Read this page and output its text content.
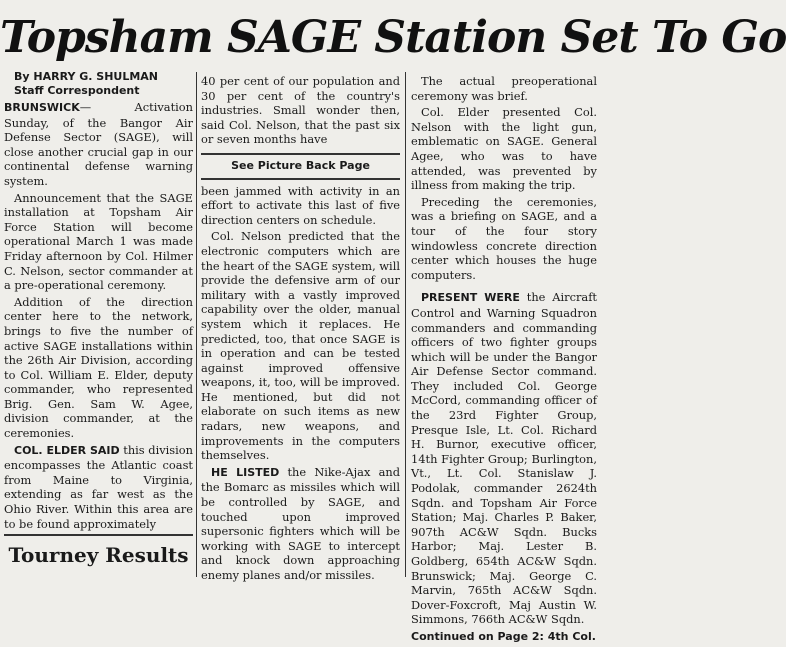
Topsham SAGE Station Set To Go
By HARRY G. SHULMAN
Staff Correspondent

BRUNSWICK— Activation Sunday, of the Bangor Air Defense Sector (SAGE), will close another crucial gap in our continental defense warning system.

Announcement that the SAGE installation at Topsham Air Force Station will become operational March 1 was made Friday afternoon by Col. Hilmer C. Nelson, sector commander at a pre-operational ceremony.

Addition of the direction center here to the network, brings to five the number of active SAGE installations within the 26th Air Division, according to Col. William E. Elder, deputy commander, who represented Brig. Gen. Sam W. Agee, division commander, at the ceremonies.

COL. ELDER SAID this division encompasses the Atlantic coast from Maine to Virginia, extending as far west as the Ohio River. Within this area are to be found approximately

Tourney Results

40 per cent of our population and 30 per cent of the country's industries. Small wonder then, said Col. Nelson, that the past six or seven months have

See Picture Back Page

been jammed with activity in an effort to activate this last of five direction centers on schedule.

Col. Nelson predicted that the electronic computers which are the heart of the SAGE system, will provide the defensive arm of our military with a vastly improved capability over the older, manual system which it replaces. He predicted, too, that once SAGE is in operation and can be tested against improved offensive weapons, it, too, will be improved. He mentioned, but did not elaborate on such items as new radars, new weapons, and improvements in the computers themselves.

HE LISTED the Nike-Ajax and the Bomarc as missiles which will be controlled by SAGE, and touched upon improved supersonic fighters which will be working with SAGE to intercept and knock down approaching enemy planes and/or missiles.

The actual preoperational ceremony was brief.

Col. Elder presented Col. Nelson with the light gun, emblematic on SAGE. General Agee, who was to have attended, was prevented by illness from making the trip.

Preceding the ceremonies, was a briefing on SAGE, and a tour of the four story windowless concrete direction center which houses the huge computers.

PRESENT WERE the Aircraft Control and Warning Squadron commanders and commanding officers of two fighter groups which will be under the Bangor Air Defense Sector command. They included Col. George McCord, commanding officer of the 23rd Fighter Group, Presque Isle, Lt. Col. Richard H. Burnor, executive officer, 14th Fighter Group; Burlington, Vt., Lt. Col. Stanislaw J. Podolak, commander 2624th Sqdn. and Topsham Air Force Station; Maj. Charles P. Baker, 907th AC&W Sqdn. Bucks Harbor; Maj. Lester B. Goldberg, 654th AC&W Sqdn. Brunswick; Maj. George C. Marvin, 765th AC&W Sqdn. Dover-Foxcroft, Maj Austin W. Simmons, 766th AC&W Sqdn.

Continued on Page 2: 4th Col.
